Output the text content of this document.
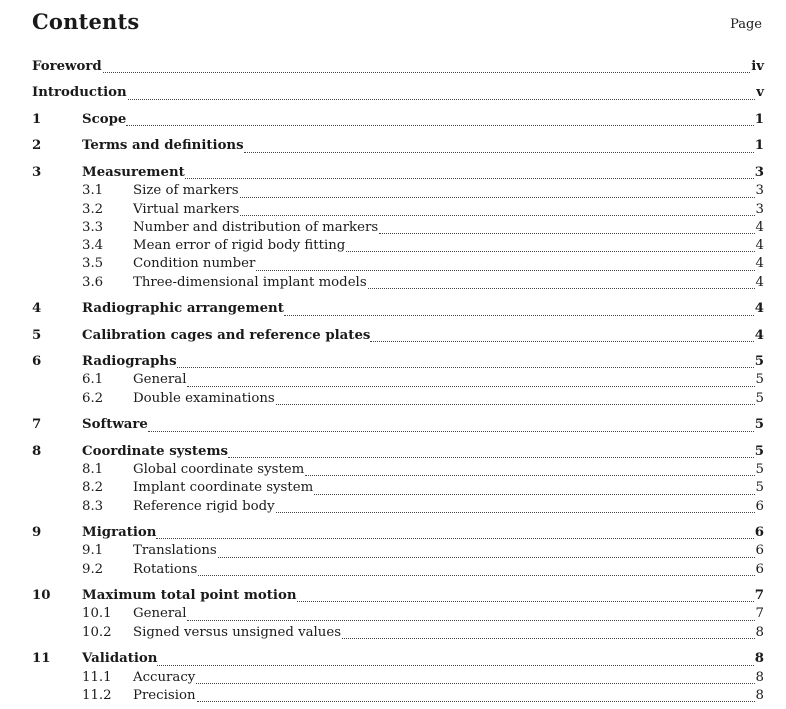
Contents	Page
Foreword	iv
Introduction	v
1	Scope	1
2	Terms and definitions	1
3	Measurement	3
3.1	Size of markers	3
3.2	Virtual markers	3
3.3	Number and distribution of markers	4
3.4	Mean error of rigid body fitting	4
3.5	Condition number	4
3.6	Three-dimensional implant models	4
4	Radiographic arrangement	4
5	Calibration cages and reference plates	4
6	Radiographs	5
6.1	General	5
6.2	Double examinations	5
7	Software	5
8	Coordinate systems	5
8.1	Global coordinate system	5
8.2	Implant coordinate system	5
8.3	Reference rigid body	6
9	Migration	6
9.1	Translations	6
9.2	Rotations	6
10	Maximum total point motion	7
10.1	General	7
10.2	Signed versus unsigned values	8
11	Validation	8
11.1	Accuracy	8
11.2	Precision	8
